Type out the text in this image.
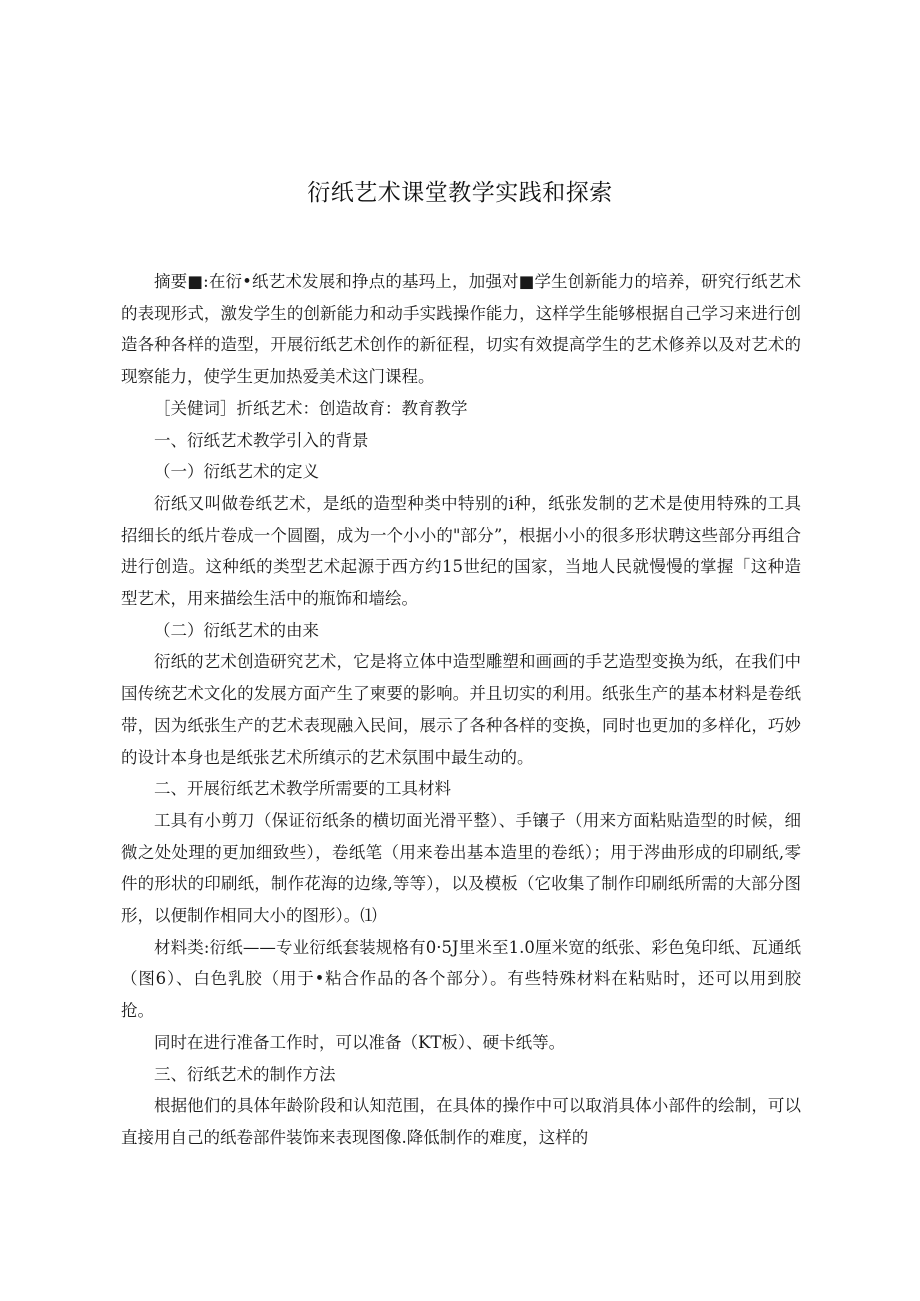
衍纸艺术课堂教学实践和探索

摘要■:在衍•纸艺术发展和挣点的基玛上，加强对■学生创新能力的培养，研究行纸艺术的表现形式，激发学生的创新能力和动手实践操作能力，这样学生能够根据自己学习来进行创造各种各样的造型，开展衍纸艺术创作的新征程，切实有效提高学生的艺术修养以及对艺术的现察能力，使学生更加热爱美术这门课程。

［关健词］折纸艺术：创造故育：教育教学

一、衍纸艺术教学引入的背景

（一）衍纸艺术的定义

衍纸又叫做卷纸艺术，是纸的造型种类中特别的i种，纸张发制的艺术是使用特殊的工具招细长的纸片卷成一个圆圈，成为一个小小的"部分”，根据小小的很多形状聘这些部分再组合进行创造。这种纸的类型艺术起源于西方约15世纪的国家，当地人民就慢慢的掌握「这种造型艺术，用来描绘生活中的瓶饰和墙绘。

（二）衍纸艺术的由来

衍纸的艺术创造研究艺术，它是将立体中造型雕塑和画画的手艺造型变换为纸，在我们中国传统艺术文化的发展方面产生了柬要的影响。并且切实的利用。纸张生产的基本材料是卷纸带，因为纸张生产的艺术表现融入民间，展示了各种各样的变换，同时也更加的多样化，巧妙的设计本身也是纸张艺术所缜示的艺术氛围中最生动的。

二、开展衍纸艺术教学所需要的工具材料

工具有小剪刀（保证衍纸条的横切面光滑平整）、手镶子（用来方面粘贴造型的时候，细微之处处理的更加细致些），卷纸笔（用来卷出基本造里的卷纸）；用于涔曲形成的印刷纸,零件的形状的印刷纸，制作花海的边缘,等等），以及模板（它收集了制作印刷纸所需的大部分图形，以便制作相同大小的图形）。⑴

材料类:衍纸——专业衍纸套装规格有0·5J里米至1.0厘米宽的纸张、彩色兔印纸、瓦通纸（图6）、白色乳胶（用于•粘合作品的各个部分）。有些特殊材料在粘贴时，还可以用到胶抢。

同时在进行准备工作时，可以准备（KT板）、硬卡纸等。

三、衍纸艺术的制作方法

根据他们的具体年龄阶段和认知范围，在具体的操作中可以取消具体小部件的绘制，可以直接用自己的纸卷部件装饰来表现图像.降低制作的难度，这样的
